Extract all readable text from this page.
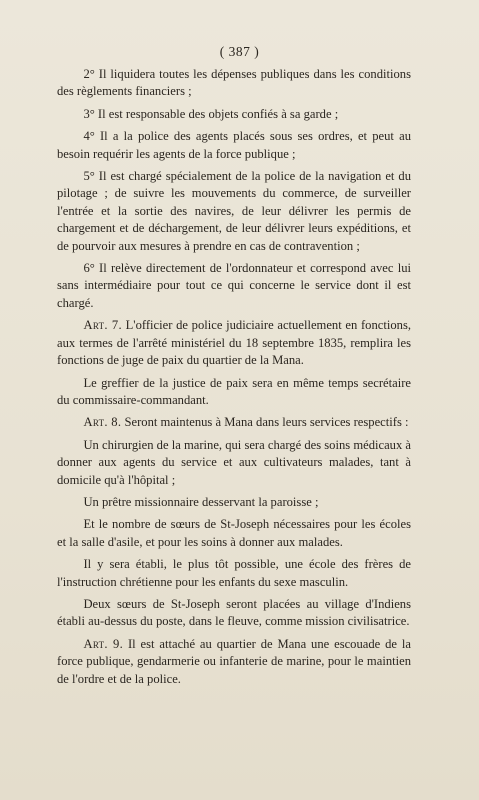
( 387 )

2° Il liquidera toutes les dépenses publiques dans les conditions des règlements financiers ;

3° Il est responsable des objets confiés à sa garde ;

4° Il a la police des agents placés sous ses ordres, et peut au besoin requérir les agents de la force publique ;

5° Il est chargé spécialement de la police de la navigation et du pilotage ; de suivre les mouvements du commerce, de surveiller l'entrée et la sortie des navires, de leur délivrer les permis de chargement et de déchargement, de leur délivrer leurs expéditions, et de pourvoir aux mesures à prendre en cas de contravention ;

6° Il relève directement de l'ordonnateur et correspond avec lui sans intermédiaire pour tout ce qui concerne le service dont il est chargé.

Art. 7. L'officier de police judiciaire actuellement en fonctions, aux termes de l'arrêté ministériel du 18 septembre 1835, remplira les fonctions de juge de paix du quartier de la Mana.

Le greffier de la justice de paix sera en même temps secrétaire du commissaire-commandant.

Art. 8. Seront maintenus à Mana dans leurs services respectifs :

Un chirurgien de la marine, qui sera chargé des soins médicaux à donner aux agents du service et aux cultivateurs malades, tant à domicile qu'à l'hôpital ;

Un prêtre missionnaire desservant la paroisse ;

Et le nombre de sœurs de St-Joseph nécessaires pour les écoles et la salle d'asile, et pour les soins à donner aux malades.

Il y sera établi, le plus tôt possible, une école des frères de l'instruction chrétienne pour les enfants du sexe masculin.

Deux sœurs de St-Joseph seront placées au village d'Indiens établi au-dessus du poste, dans le fleuve, comme mission civilisatrice.

Art. 9. Il est attaché au quartier de Mana une escouade de la force publique, gendarmerie ou infanterie de marine, pour le maintien de l'ordre et de la police.
